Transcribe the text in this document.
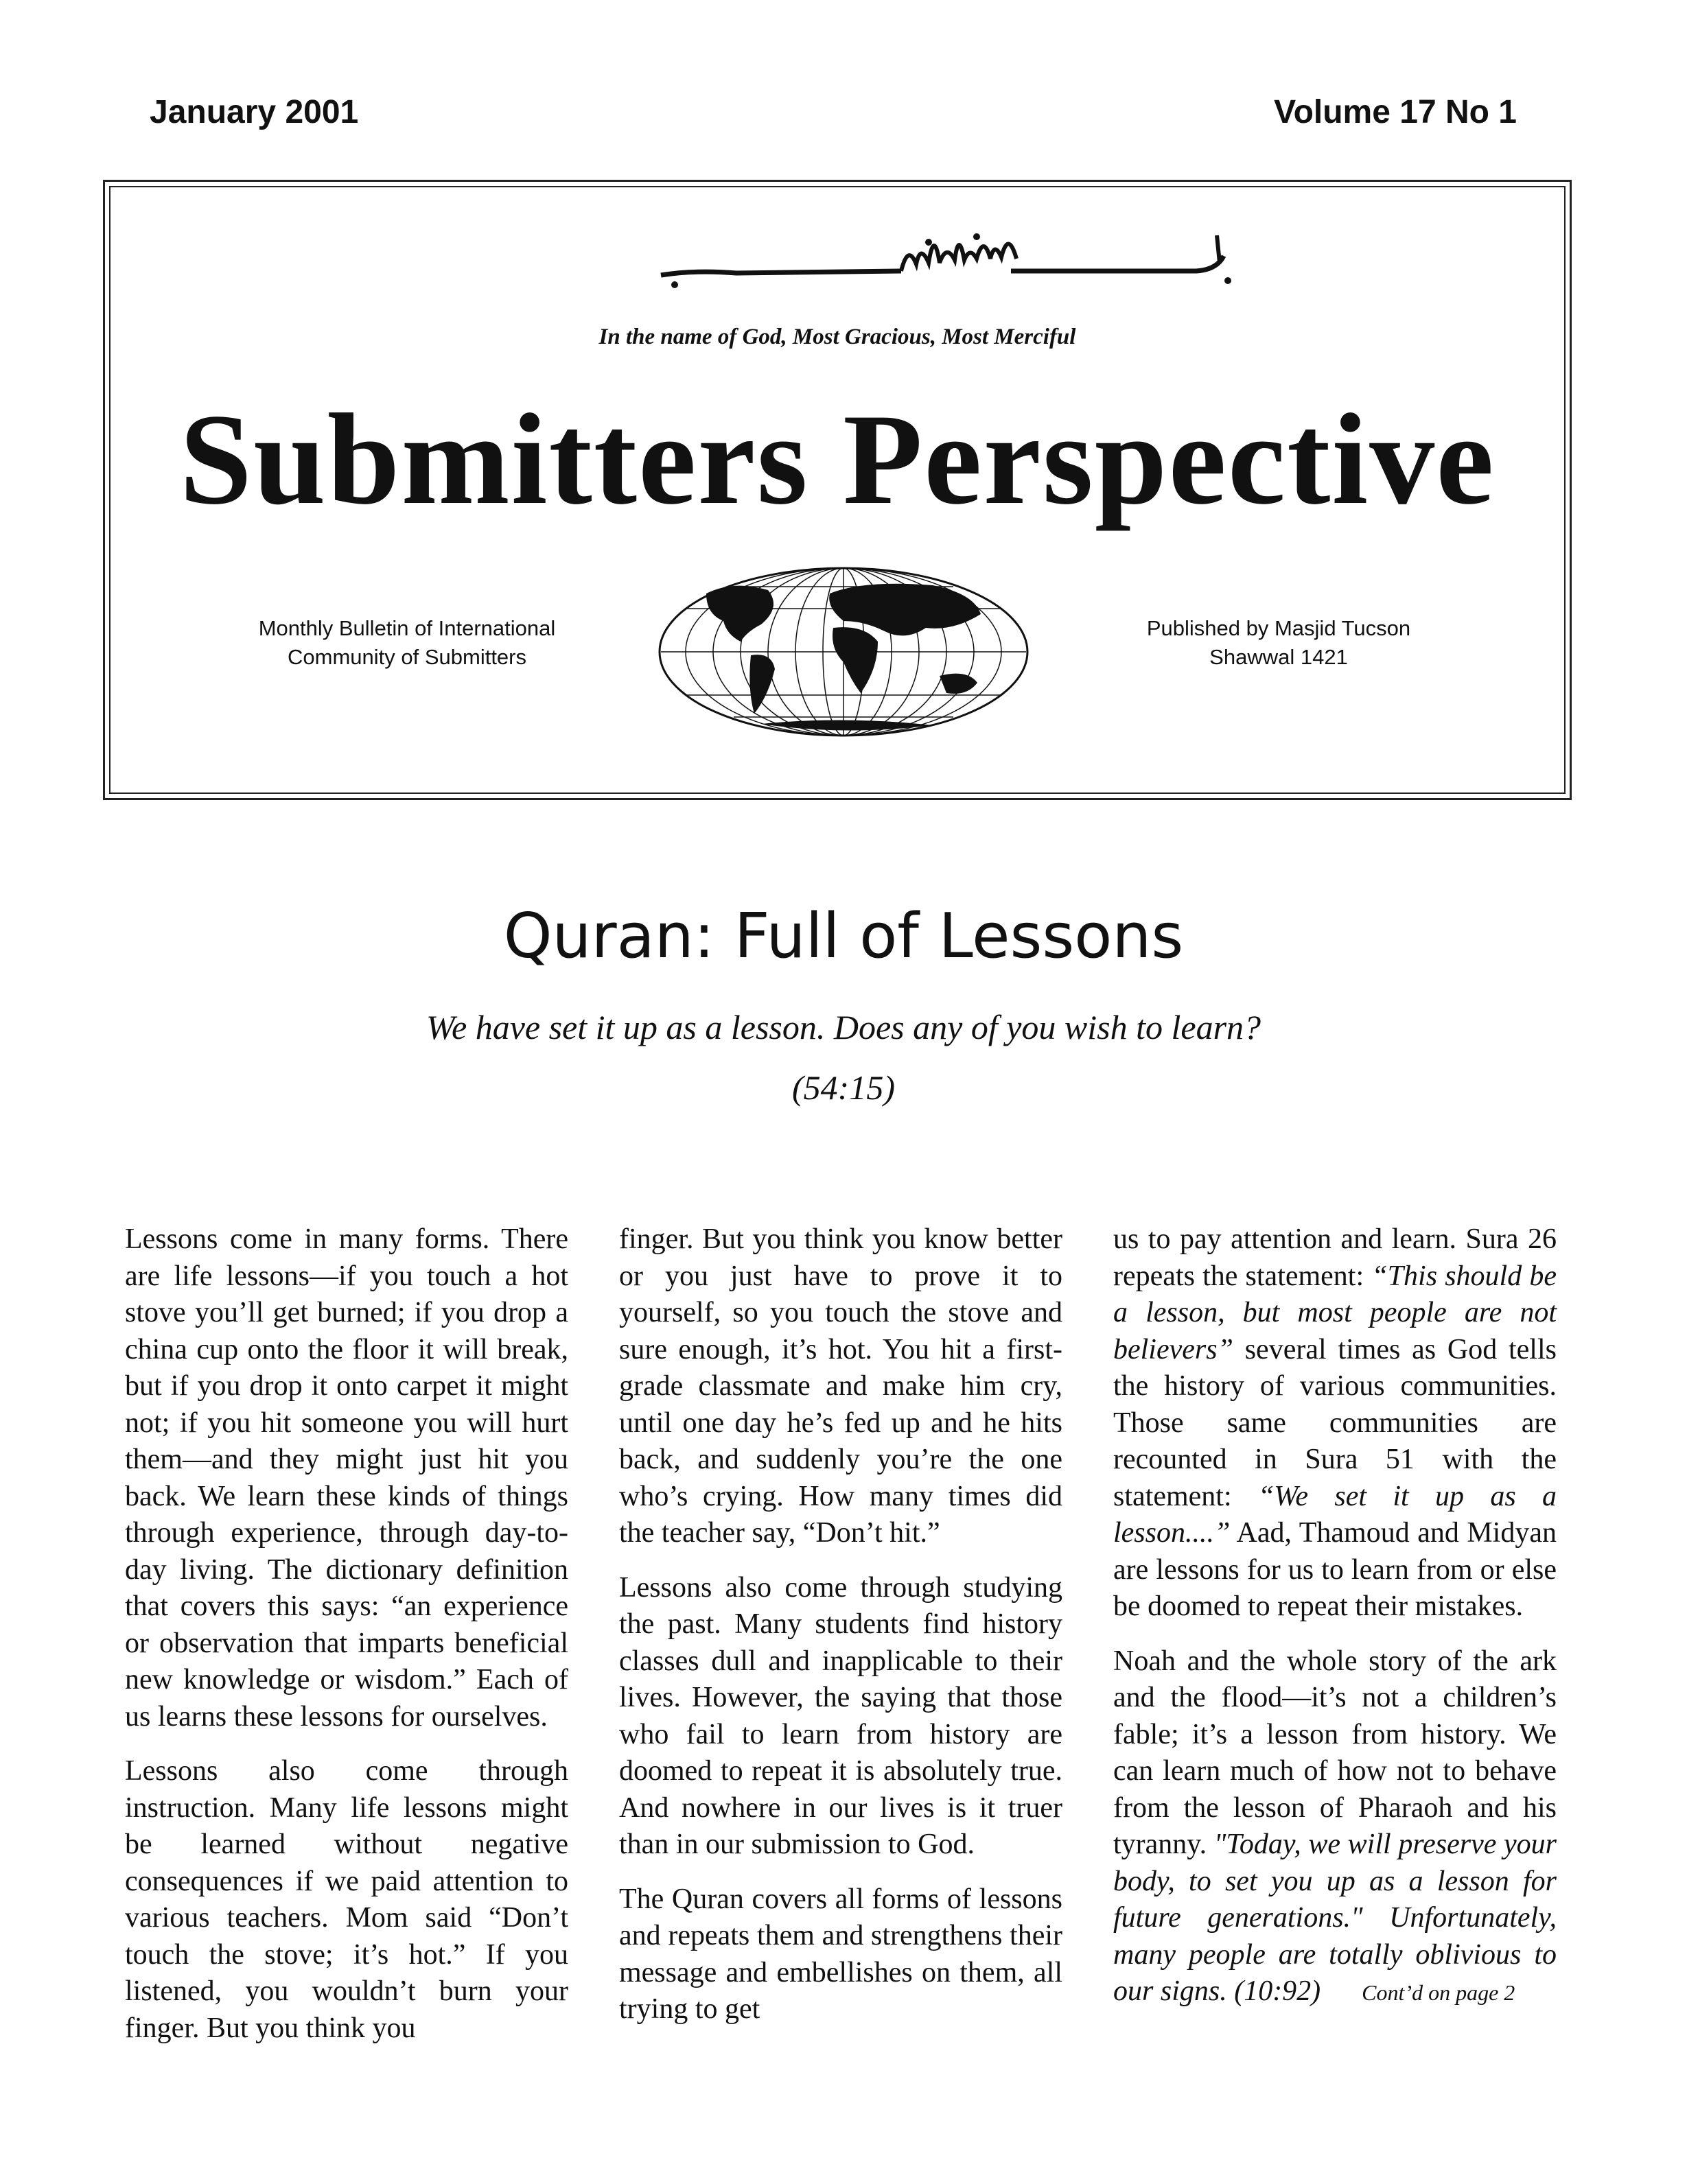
January 2001	Volume 17 No 1
In the name of God, Most Gracious, Most Merciful
Submitters Perspective
Monthly Bulletin of International
Community of Submitters
Published by Masjid Tucson
Shawwal 1421
Quran: Full of Lessons
We have set it up as a lesson. Does any of you wish to learn?
(54:15)

Lessons come in many forms. There are life lessons—if you touch a hot stove you’ll get burned; if you drop a china cup onto the floor it will break, but if you drop it onto carpet it might not; if you hit someone you will hurt them—and they might just hit you back. We learn these kinds of things through experience, through day-to-day living. The dictionary definition that covers this says: “an experience or observation that imparts beneficial new knowledge or wisdom.” Each of us learns these lessons for ourselves.

Lessons also come through instruction. Many life lessons might be learned without negative consequences if we paid attention to various teachers. Mom said “Don’t touch the stove; it’s hot.” If you listened, you wouldn’t burn your finger. But you think you

finger. But you think you know better or you just have to prove it to yourself, so you touch the stove and sure enough, it’s hot. You hit a first-grade classmate and make him cry, until one day he’s fed up and he hits back, and suddenly you’re the one who’s crying. How many times did the teacher say, “Don’t hit.”

Lessons also come through studying the past. Many students find history classes dull and inapplicable to their lives. However, the saying that those who fail to learn from history are doomed to repeat it is absolutely true. And nowhere in our lives is it truer than in our submission to God.

The Quran covers all forms of lessons and repeats them and strengthens their message and embellishes on them, all trying to get

us to pay attention and learn. Sura 26 repeats the statement: “This should be a lesson, but most people are not believers” several times as God tells the history of various communities. Those same communities are recounted in Sura 51 with the statement: “We set it up as a lesson....” Aad, Thamoud and Midyan are lessons for us to learn from or else be doomed to repeat their mistakes.

Noah and the whole story of the ark and the flood—it’s not a children’s fable; it’s a lesson from history. We can learn much of how not to behave from the lesson of Pharaoh and his tyranny. "Today, we will preserve your body, to set you up as a lesson for future generations." Unfortunately, many people are totally oblivious to our signs. (10:92) Cont’d on page 2
